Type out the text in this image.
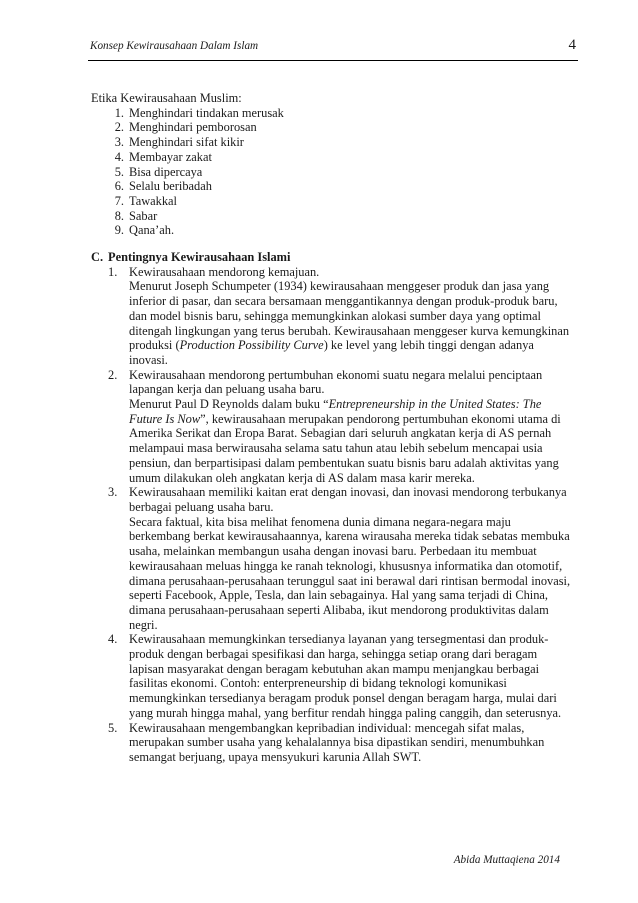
Konsep Kewirausahaan Dalam Islam	4

Etika Kewirausahaan Muslim:

1. Menghindari tindakan merusak
2. Menghindari pemborosan
3. Menghindari sifat kikir
4. Membayar zakat
5. Bisa dipercaya
6. Selalu beribadah
7. Tawakkal
8. Sabar
9. Qana’ah.
C. Pentingnya Kewirausahaan Islami
1. Kewirausahaan mendorong kemajuan.

Menurut Joseph Schumpeter (1934) kewirausahaan menggeser produk dan jasa yang inferior di pasar, dan secara bersamaan menggantikannya dengan produk-produk baru, dan model bisnis baru, sehingga memungkinkan alokasi sumber daya yang optimal ditengah lingkungan yang terus berubah. Kewirausahaan menggeser kurva kemungkinan produksi (Production Possibility Curve) ke level yang lebih tinggi dengan adanya inovasi.

2. Kewirausahaan mendorong pertumbuhan ekonomi suatu negara melalui penciptaan lapangan kerja dan peluang usaha baru.

Menurut Paul D Reynolds dalam buku “Entrepreneurship in the United States: The Future Is Now”, kewirausahaan merupakan pendorong pertumbuhan ekonomi utama di Amerika Serikat dan Eropa Barat. Sebagian dari seluruh angkatan kerja di AS pernah melampaui masa berwirausaha selama satu tahun atau lebih sebelum mencapai usia pensiun, dan berpartisipasi dalam pembentukan suatu bisnis baru adalah aktivitas yang umum dilakukan oleh angkatan kerja di AS dalam masa karir mereka.

3. Kewirausahaan memiliki kaitan erat dengan inovasi, dan inovasi mendorong terbukanya berbagai peluang usaha baru.

Secara faktual, kita bisa melihat fenomena dunia dimana negara-negara maju berkembang berkat kewirausahaannya, karena wirausaha mereka tidak sebatas membuka usaha, melainkan membangun usaha dengan inovasi baru. Perbedaan itu membuat kewirausahaan meluas hingga ke ranah teknologi, khususnya informatika dan otomotif, dimana perusahaan-perusahaan terunggul saat ini berawal dari rintisan bermodal inovasi, seperti Facebook, Apple, Tesla, dan lain sebagainya. Hal yang sama terjadi di China, dimana perusahaan-perusahaan seperti Alibaba, ikut mendorong produktivitas dalam negri.

4. Kewirausahaan memungkinkan tersedianya layanan yang tersegmentasi dan produk-produk dengan berbagai spesifikasi dan harga, sehingga setiap orang dari beragam lapisan masyarakat dengan beragam kebutuhan akan mampu menjangkau berbagai fasilitas ekonomi. Contoh: enterpreneurship di bidang teknologi komunikasi memungkinkan tersedianya beragam produk ponsel dengan beragam harga, mulai dari yang murah hingga mahal, yang berfitur rendah hingga paling canggih, dan seterusnya.

5. Kewirausahaan mengembangkan kepribadian individual: mencegah sifat malas, merupakan sumber usaha yang kehalalannya bisa dipastikan sendiri, menumbuhkan semangat berjuang, upaya mensyukuri karunia Allah SWT.

Abida Muttaqiena 2014
